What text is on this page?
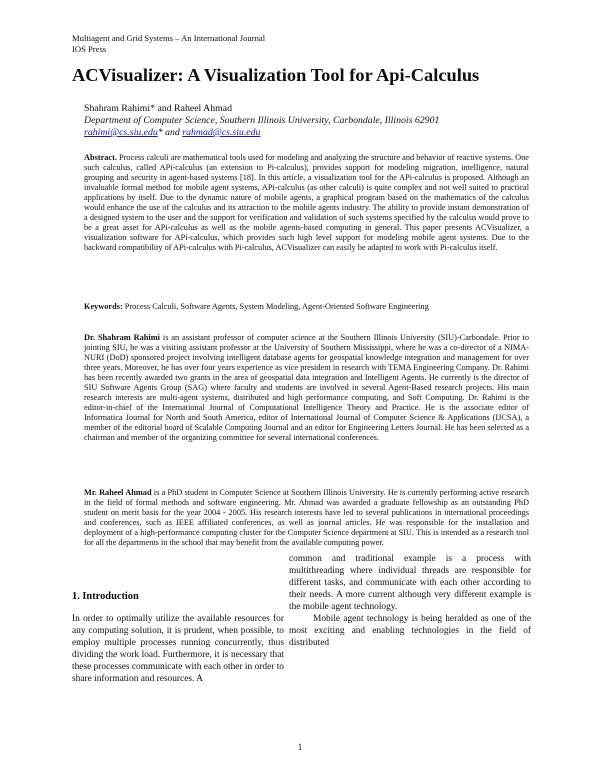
Multiagent and Grid Systems – An International Journal
IOS Press
ACVisualizer: A Visualization Tool for Api-Calculus
Shahram Rahimi* and Raheel Ahmad
Department of Computer Science, Southern Illinois University, Carbondale, Illinois 62901
rahimi@cs.siu.edu* and rahmad@cs.siu.edu

Abstract. Process calculi are mathematical tools used for modeling and analyzing the structure and behavior of reactive systems. One such calculus, called APi-calculus (an extension to Pi-calculus), provides support for modeling migration, intelligence, natural grouping and security in agent-based systems [18]. In this article, a visualization tool for the APi-calculus is proposed. Although an invaluable formal method for mobile agent systems, APi-calculus (as other calculi) is quite complex and not well suited to practical applications by itself. Due to the dynamic nature of mobile agents, a graphical program based on the mathematics of the calculus would enhance the use of the calculus and its attraction to the mobile agents industry. The ability to provide instant demonstration of a designed system to the user and the support for verification and validation of such systems specified by the calculus would prove to be a great asset for APi-calculus as well as the mobile agents-based computing in general. This paper presents ACVisualizer, a visualization software for APi-calculus, which provides such high level support for modeling mobile agent systems. Due to the backward compatibility of APi-calculus with Pi-calculus, ACVisualizer can easily be adapted to work with Pi-calculus itself.

Keywords: Process Calculi, Software Agents, System Modeling, Agent-Oriented Software Engineering

Dr. Shahram Rahimi is an assistant professor of computer science at the Southern Illinois University (SIU)-Carbondale. Prior to jointing SIU, he was a visiting assistant professor at the University of Southern Mississippi, where he was a co-director of a NIMA-NURI (DoD) sponsored project involving intelligent database agents for geospatial knowledge integration and management for over three years. Moreover, he has over four years experience as vice president in research with TEMA Engineering Company. Dr. Rahimi has been recently awarded two grants in the area of geospatial data integration and Intelligent Agents. He currently is the director of SIU Software Agents Group (SAG) where faculty and students are involved in several Agent-Based research projects. His main research interests are multi-agent systems, distributed and high performance computing, and Soft Computing. Dr. Rahimi is the editor-in-chief of the International Journal of Computational Intelligence Theory and Practice. He is the associate editor of Informatica Journal for North and South America, editor of International Journal of Computer Science & Applications (IJCSA), a member of the editorial board of Scalable Computing Journal and an editor for Engineering Letters Journal. He has been selected as a chairman and member of the organizing committee for several international conferences.

Mr. Raheel Ahmad is a PhD student in Computer Science at Southern Illinois University. He is currently performing active research in the field of formal methods and software engineering. Mr. Ahmad was awarded a graduate fellowship as an outstanding PhD student on merit basis for the year 2004 - 2005. His research interests have led to several publications in international proceedings and conferences, such as IEEE affiliated conferences, as well as journal articles. He was responsible for the installation and deployment of a high-performance computing cluster for the Computer Science department at SIU. This is intended as a research tool for all the departments in the school that may benefit from the available computing power.

1. Introduction

In order to optimally utilize the available resources for any computing solution, it is prudent, when possible, to employ multiple processes running concurrently, thus dividing the work load. Furthermore, it is necessary that these processes communicate with each other in order to share information and resources. A

common and traditional example is a process with multithreading where individual threads are responsible for different tasks, and communicate with each other according to their needs. A more current although very different example is the mobile agent technology.

Mobile agent technology is being heralded as one of the most exciting and enabling technologies in the field of distributed

1
